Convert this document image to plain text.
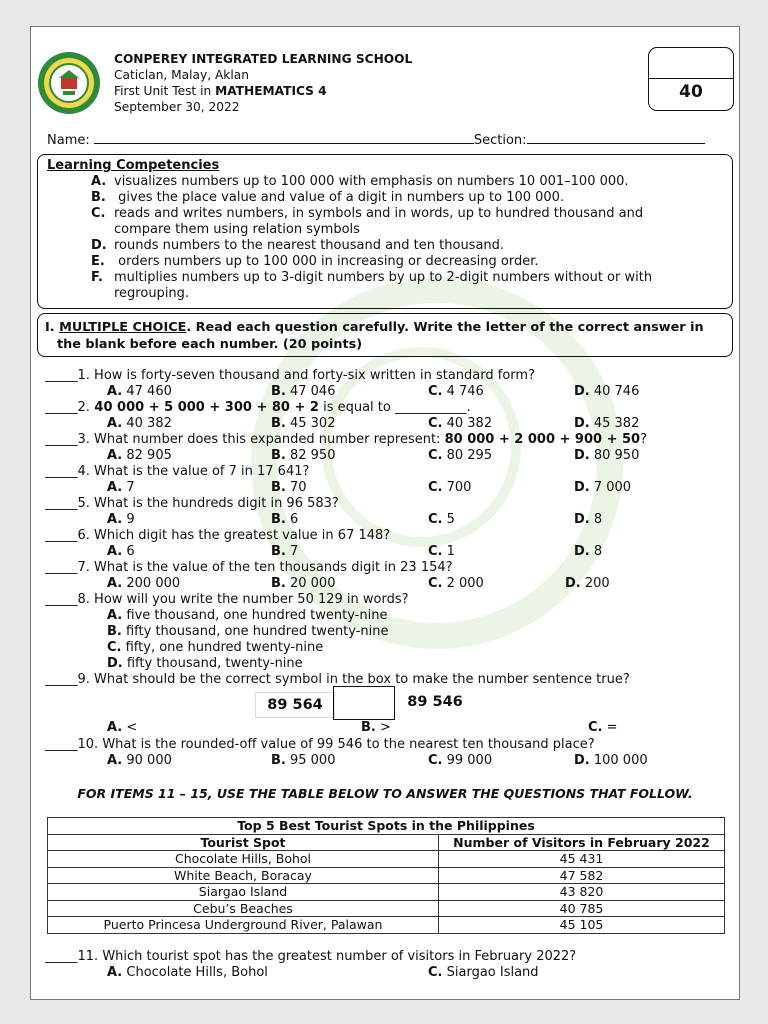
CONPEREY INTEGRATED LEARNING SCHOOL
Caticlan, Malay, Aklan
First Unit Test in MATHEMATICS 4
September 30, 2022
40
Name:	Section:
Learning Competencies
A. visualizes numbers up to 100 000 with emphasis on numbers 10 001–100 000.
B. gives the place value and value of a digit in numbers up to 100 000.
C. reads and writes numbers, in symbols and in words, up to hundred thousand and
compare them using relation symbols
D. rounds numbers to the nearest thousand and ten thousand.
E. orders numbers up to 100 000 in increasing or decreasing order.
F. multiplies numbers up to 3-digit numbers by up to 2-digit numbers without or with
regrouping.
I. MULTIPLE CHOICE. Read each question carefully. Write the letter of the correct answer in
the blank before each number. (20 points)
_____1. How is forty-seven thousand and forty-six written in standard form?
A. 47 460	B. 47 046	C. 4 746	D. 40 746
_____2. 40 000 + 5 000 + 300 + 80 + 2 is equal to ___________.
A. 40 382	B. 45 302	C. 40 382	D. 45 382
_____3. What number does this expanded number represent: 80 000 + 2 000 + 900 + 50?
A. 82 905	B. 82 950	C. 80 295	D. 80 950
_____4. What is the value of 7 in 17 641?
A. 7	B. 70	C. 700	D. 7 000
_____5. What is the hundreds digit in 96 583?
A. 9	B. 6	C. 5	D. 8
_____6. Which digit has the greatest value in 67 148?
A. 6	B. 7	C. 1	D. 8
_____7. What is the value of the ten thousands digit in 23 154?
A. 200 000	B. 20 000	C. 2 000	D. 200
_____8. How will you write the number 50 129 in words?
A. five thousand, one hundred twenty-nine
B. fifty thousand, one hundred twenty-nine
C. fifty, one hundred twenty-nine
D. fifty thousand, twenty-nine
_____9. What should be the correct symbol in the box to make the number sentence true?
89 564	89 546
A. <	B. >	C. =
_____10. What is the rounded-off value of 99 546 to the nearest ten thousand place?
A. 90 000	B. 95 000	C. 99 000	D. 100 000
FOR ITEMS 11 – 15, USE THE TABLE BELOW TO ANSWER THE QUESTIONS THAT FOLLOW.
Top 5 Best Tourist Spots in the Philippines	
Tourist Spot	Number of Visitors in February 2022
Chocolate Hills, Bohol	45 431
White Beach, Boracay	47 582
Siargao Island	43 820
Cebu’s Beaches	40 785
Puerto Princesa Underground River, Palawan	45 105
_____11. Which tourist spot has the greatest number of visitors in February 2022?
A. Chocolate Hills, Bohol	C. Siargao Island
